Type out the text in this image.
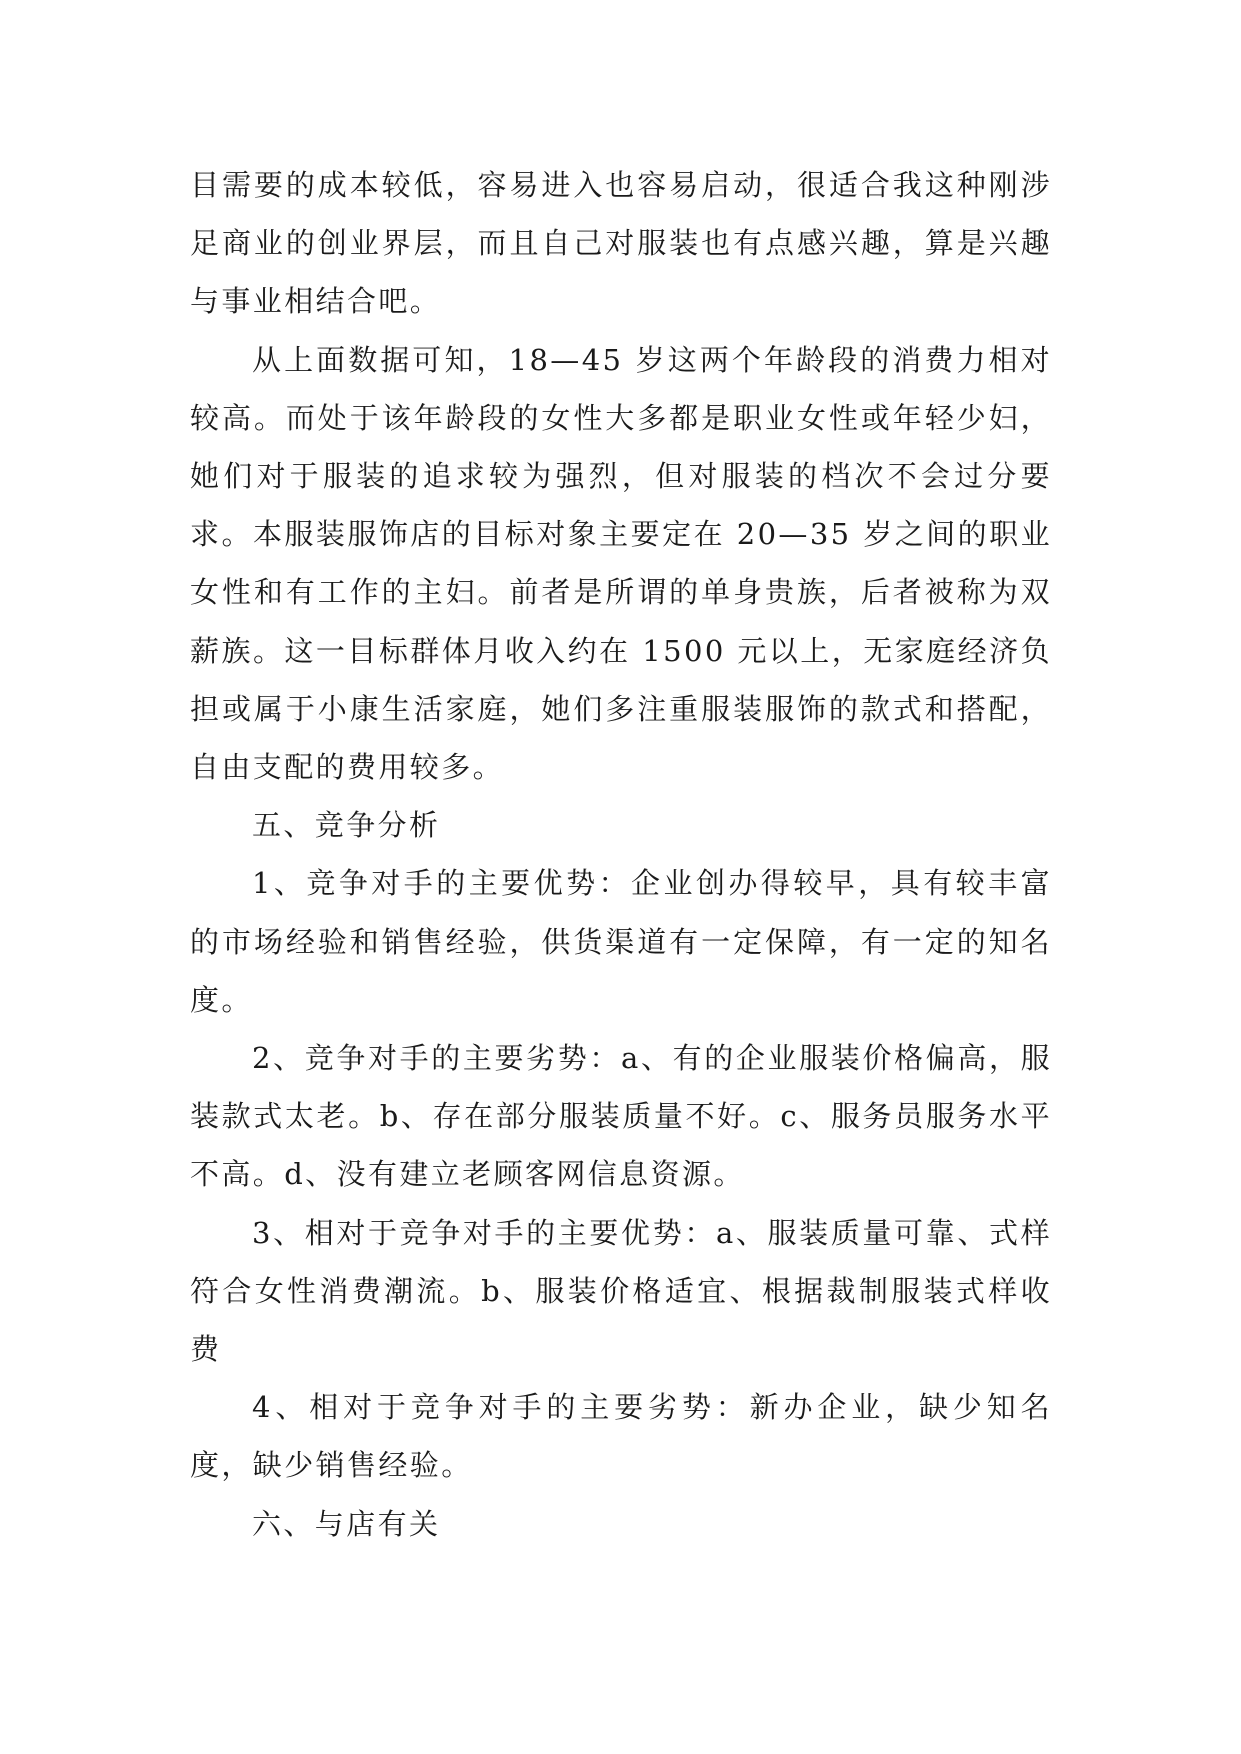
目需要的成本较低，容易进入也容易启动，很适合我这种刚涉足商业的创业界层，而且自己对服装也有点感兴趣，算是兴趣与事业相结合吧。

从上面数据可知，18—45 岁这两个年龄段的消费力相对较高。而处于该年龄段的女性大多都是职业女性或年轻少妇，她们对于服装的追求较为强烈，但对服装的档次不会过分要求。本服装服饰店的目标对象主要定在 20—35 岁之间的职业女性和有工作的主妇。前者是所谓的单身贵族，后者被称为双薪族。这一目标群体月收入约在 1500 元以上，无家庭经济负担或属于小康生活家庭，她们多注重服装服饰的款式和搭配，自由支配的费用较多。

五、竞争分析

1、竞争对手的主要优势：企业创办得较早，具有较丰富的市场经验和销售经验，供货渠道有一定保障，有一定的知名度。

2、竞争对手的主要劣势：a、有的企业服装价格偏高，服装款式太老。b、存在部分服装质量不好。c、服务员服务水平不高。d、没有建立老顾客网信息资源。

3、相对于竞争对手的主要优势：a、服装质量可靠、式样符合女性消费潮流。b、服装价格适宜、根据裁制服装式样收费

4、相对于竞争对手的主要劣势：新办企业，缺少知名度，缺少销售经验。

六、与店有关
